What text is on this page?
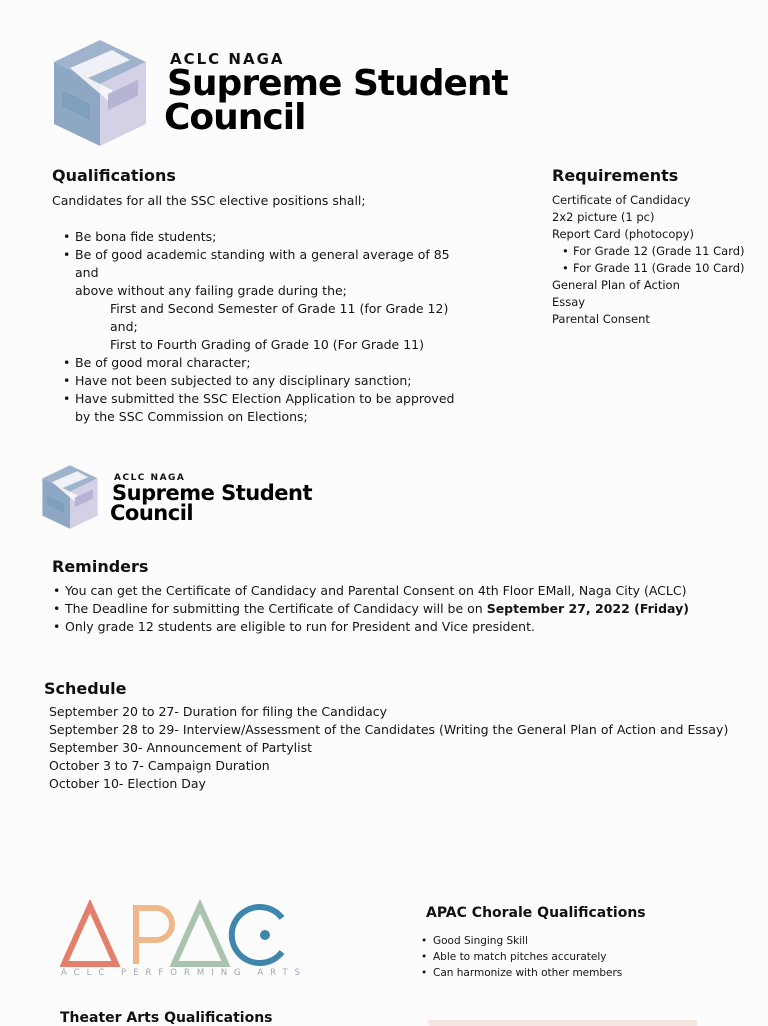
ACLC NAGA
Supreme Student
Council
Qualifications
Candidates for all the SSC elective positions shall;
• Be bona fide students;
• Be of good academic standing with a general average of 85 and
above without any failing grade during the;
First and Second Semester of Grade 11 (for Grade 12) and;
First to Fourth Grading of Grade 10 (For Grade 11)
• Be of good moral character;
• Have not been subjected to any disciplinary sanction;
• Have submitted the SSC Election Application to be approved
by the SSC Commission on Elections;
Requirements
Certificate of Candidacy
2x2 picture (1 pc)
Report Card (photocopy)
• For Grade 12 (Grade 11 Card)
• For Grade 11 (Grade 10 Card)
General Plan of Action
Essay
Parental Consent
ACLC NAGA
Supreme Student
Council
Reminders
• You can get the Certificate of Candidacy and Parental Consent on 4th Floor EMall, Naga City (ACLC)
• The Deadline for submitting the Certificate of Candidacy will be on September 27, 2022 (Friday)
• Only grade 12 students are eligible to run for President and Vice president.
Schedule
September 20 to 27- Duration for filing the Candidacy
September 28 to 29- Interview/Assessment of the Candidates (Writing the General Plan of Action and Essay)
September 30- Announcement of Partylist
October 3 to 7- Campaign Duration
October 10- Election Day
ACLC PERFORMING ARTS
APAC Chorale Qualifications
• Good Singing Skill
• Able to match pitches accurately
• Can harmonize with other members
Theater Arts Qualifications
